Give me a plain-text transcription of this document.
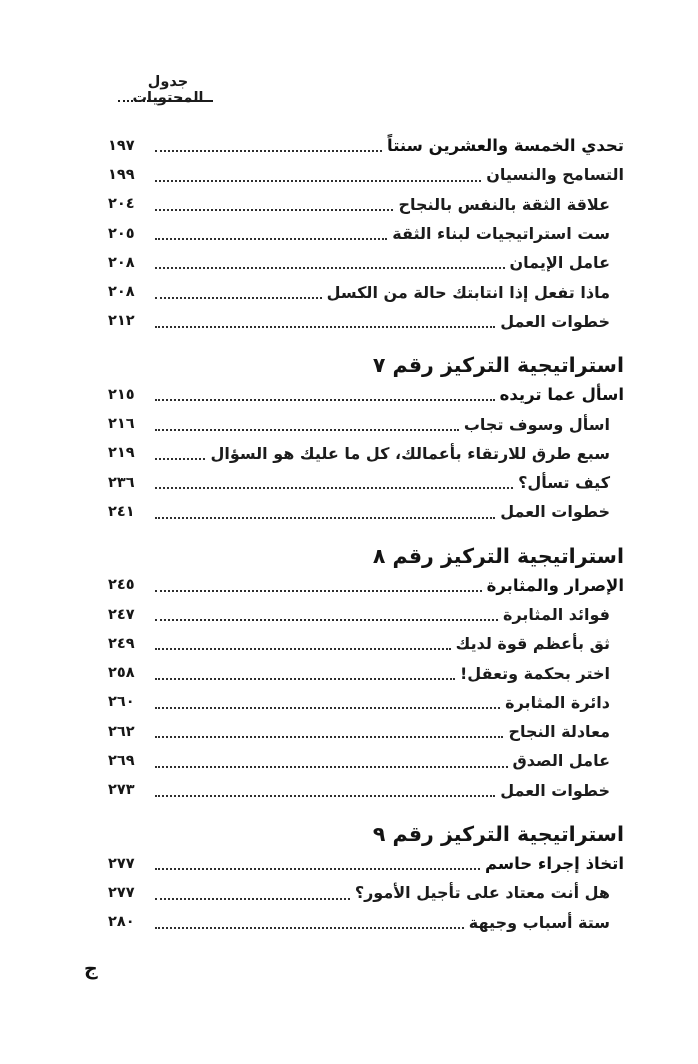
جدول المحتويات
تحدي الخمسة والعشرين سنتاً
١٩٧
التسامح والنسيان
١٩٩
علاقة الثقة بالنفس بالنجاح
٢٠٤
ست استراتيجيات لبناء الثقة
٢٠٥
عامل الإيمان
٢٠٨
ماذا تفعل إذا انتابتك حالة من الكسل
٢٠٨
خطوات العمل
٢١٢
استراتيجية التركيز رقم ٧
اسأل عما تريده
٢١٥
اسأل وسوف تجاب
٢١٦
سبع طرق للارتقاء بأعمالك، كل ما عليك هو السؤال
٢١٩
كيف تسأل؟
٢٣٦
خطوات العمل
٢٤١
استراتيجية التركيز رقم ٨
الإصرار والمثابرة
٢٤٥
فوائد المثابرة
٢٤٧
ثق بأعظم قوة لديك
٢٤٩
اختر بحكمة وتعقل!
٢٥٨
دائرة المثابرة
٢٦٠
معادلة النجاح
٢٦٢
عامل الصدق
٢٦٩
خطوات العمل
٢٧٣
استراتيجية التركيز رقم ٩
اتخاذ إجراء حاسم
٢٧٧
هل أنت معتاد على تأجيل الأمور؟
٢٧٧
ستة أسباب وجيهة
٢٨٠
ج
